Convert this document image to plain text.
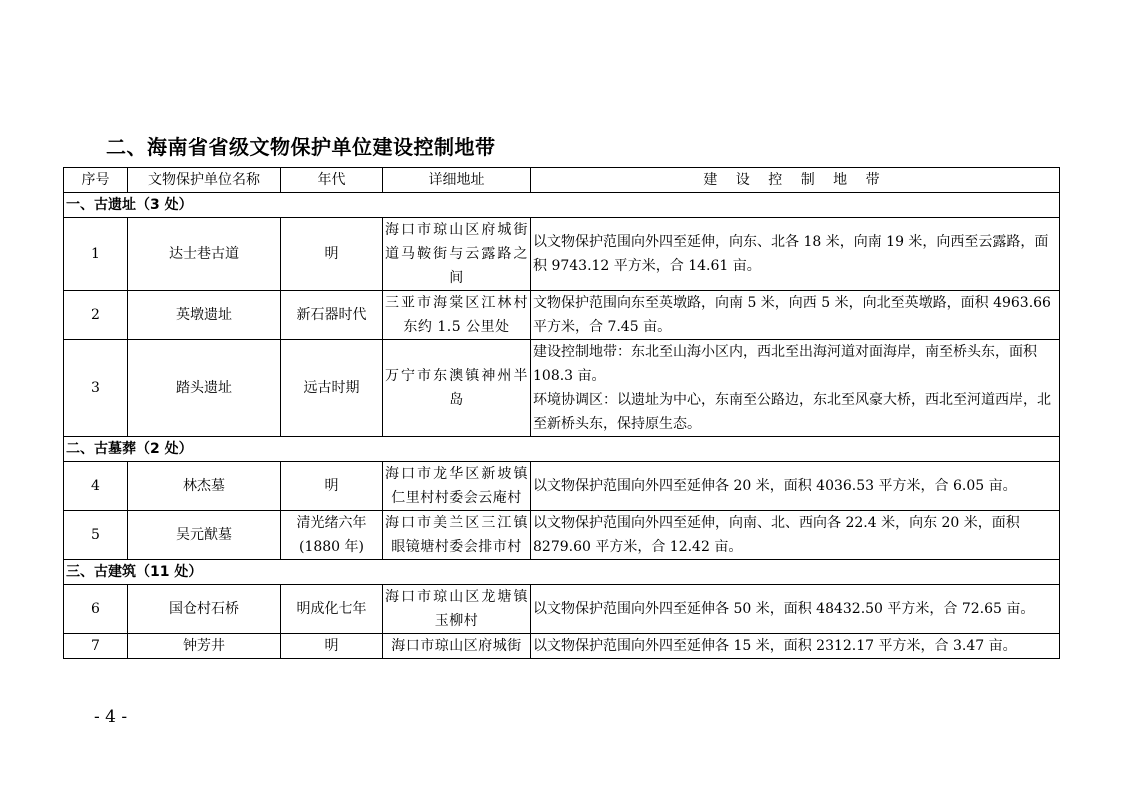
二、海南省省级文物保护单位建设控制地带
序号	文物保护单位名称	年代	详细地址	建 设 控 制 地 带
一、古遗址（3 处）				
1	达士巷古道	明	海口市琼山区府城街道马鞍街与云露路之间	以文物保护范围向外四至延伸，向东、北各 18 米，向南 19 米，向西至云露路，面积 9743.12 平方米，合 14.61 亩。

2	英墩遗址	新石器时代	三亚市海棠区江林村东约 1.5 公里处	文物保护范围向东至英墩路，向南 5 米，向西 5 米，向北至英墩路，面积 4963.66 平方米，合 7.45 亩。

3	踏头遗址	远古时期	万宁市东澳镇神州半岛	建设控制地带：东北至山海小区内，西北至出海河道对面海岸，南至桥头东，面积 108.3 亩。

环境协调区：以遗址为中心，东南至公路边，东北至风豪大桥，西北至河道西岸，北至新桥头东，保持原生态。

二、古墓葬（2 处）				
4	林杰墓	明	海口市龙华区新坡镇仁里村村委会云庵村	以文物保护范围向外四至延伸各 20 米，面积 4036.53 平方米，合 6.05 亩。

5	吴元猷墓	清光绪六年(1880 年)	海口市美兰区三江镇眼镜塘村委会排市村	以文物保护范围向外四至延伸，向南、北、西向各 22.4 米，向东 20 米，面积 8279.60 平方米，合 12.42 亩。

三、古建筑（11 处）				
6	国仓村石桥	明成化七年	海口市琼山区龙塘镇玉柳村	以文物保护范围向外四至延伸各 50 米，面积 48432.50 平方米，合 72.65 亩。

7	钟芳井	明	海口市琼山区府城街	以文物保护范围向外四至延伸各 15 米，面积 2312.17 平方米，合 3.47 亩。

- 4 -
